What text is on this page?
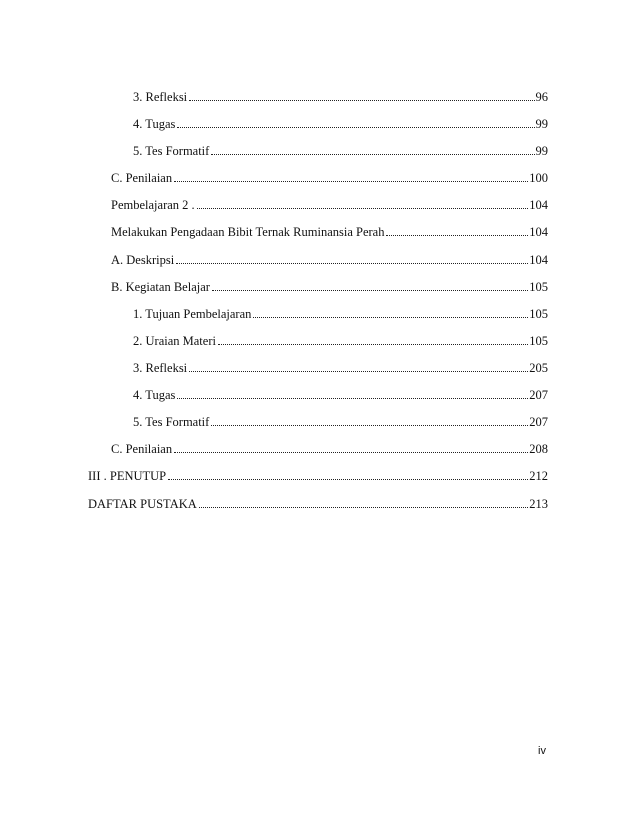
3. Refleksi	96
4. Tugas	99
5. Tes Formatif	99
C. Penilaian	100
Pembelajaran 2 .	104
Melakukan Pengadaan Bibit Ternak Ruminansia Perah	104
A. Deskripsi	104
B. Kegiatan Belajar	105
1. Tujuan Pembelajaran	105
2. Uraian Materi	105
3. Refleksi	205
4. Tugas	207
5. Tes Formatif	207
C. Penilaian	208
III . PENUTUP	212
DAFTAR PUSTAKA	213
iv
